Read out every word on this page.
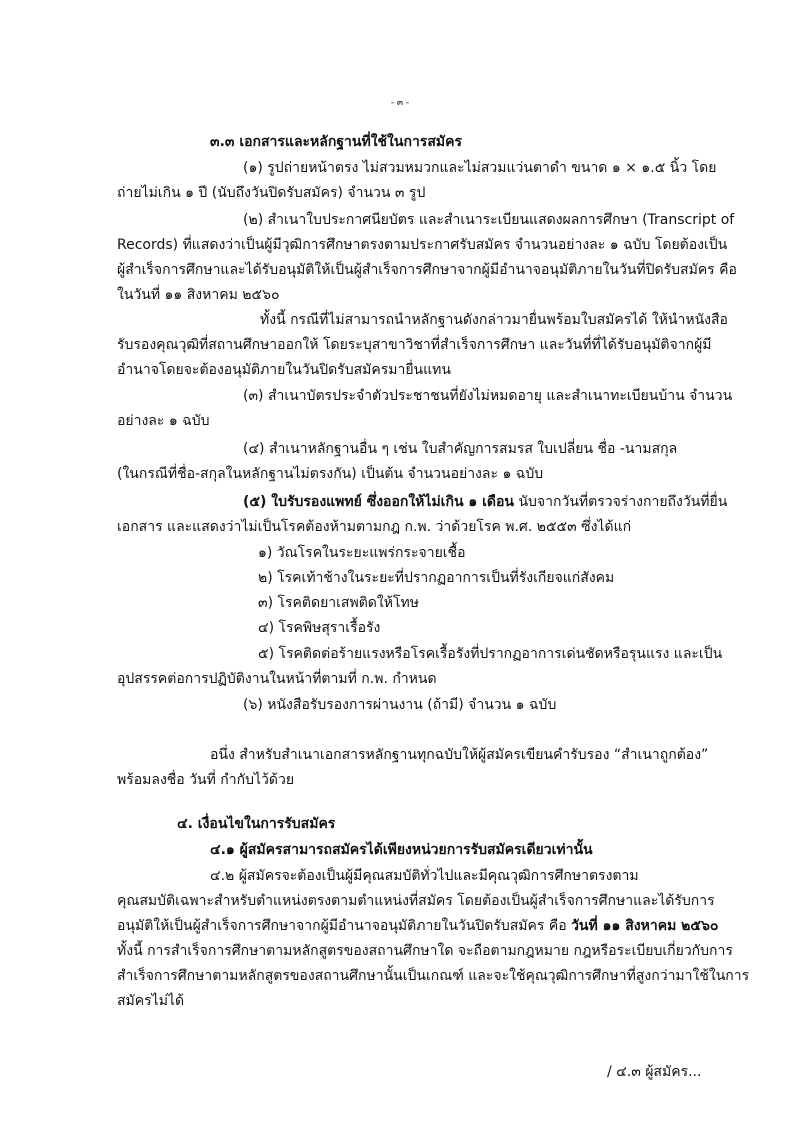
- ๓ -
๓.๓ เอกสารและหลักฐานที่ใช้ในการสมัคร
(๑) รูปถ่ายหน้าตรง ไม่สวมหมวกและไม่สวมแว่นตาดำ ขนาด ๑ × ๑.๕ นิ้ว โดย
ถ่ายไม่เกิน ๑ ปี (นับถึงวันปิดรับสมัคร) จำนวน ๓ รูป
(๒) สำเนาใบประกาศนียบัตร และสำเนาระเบียนแสดงผลการศึกษา (Transcript of
Records) ที่แสดงว่าเป็นผู้มีวุฒิการศึกษาตรงตามประกาศรับสมัคร จำนวนอย่างละ ๑ ฉบับ โดยต้องเป็น
ผู้สำเร็จการศึกษาและได้รับอนุมัติให้เป็นผู้สำเร็จการศึกษาจากผู้มีอำนาจอนุมัติภายในวันที่ปิดรับสมัคร คือ
ในวันที่ ๑๑ สิงหาคม ๒๕๖๐
ทั้งนี้ กรณีที่ไม่สามารถนำหลักฐานดังกล่าวมายื่นพร้อมใบสมัครได้ ให้นำหนังสือ
รับรองคุณวุฒิที่สถานศึกษาออกให้ โดยระบุสาขาวิชาที่สำเร็จการศึกษา และวันที่ที่ได้รับอนุมัติจากผู้มี
อำนาจโดยจะต้องอนุมัติภายในวันปิดรับสมัครมายื่นแทน
(๓) สำเนาบัตรประจำตัวประชาชนที่ยังไม่หมดอายุ และสำเนาทะเบียนบ้าน จำนวน
อย่างละ ๑ ฉบับ
(๔) สำเนาหลักฐานอื่น ๆ เช่น ใบสำคัญการสมรส ใบเปลี่ยน ชื่อ -นามสกุล
(ในกรณีที่ชื่อ-สกุลในหลักฐานไม่ตรงกัน) เป็นต้น จำนวนอย่างละ ๑ ฉบับ
(๕) ใบรับรองแพทย์ ซึ่งออกให้ไม่เกิน ๑ เดือน นับจากวันที่ตรวจร่างกายถึงวันที่ยื่น
เอกสาร และแสดงว่าไม่เป็นโรคต้องห้ามตามกฎ ก.พ. ว่าด้วยโรค พ.ศ. ๒๕๕๓ ซึ่งได้แก่
๑) วัณโรคในระยะแพร่กระจายเชื้อ
๒) โรคเท้าช้างในระยะที่ปรากฏอาการเป็นที่รังเกียจแก่สังคม
๓) โรคติดยาเสพติดให้โทษ
๔) โรคพิษสุราเรื้อรัง
๕) โรคติดต่อร้ายแรงหรือโรคเรื้อรังที่ปรากฏอาการเด่นชัดหรือรุนแรง และเป็น
อุปสรรคต่อการปฏิบัติงานในหน้าที่ตามที่ ก.พ. กำหนด
(๖) หนังสือรับรองการผ่านงาน (ถ้ามี) จำนวน ๑ ฉบับ
อนึ่ง สำหรับสำเนาเอกสารหลักฐานทุกฉบับให้ผู้สมัครเขียนคำรับรอง “สำเนาถูกต้อง”
พร้อมลงชื่อ วันที่ กำกับไว้ด้วย
๔. เงื่อนไขในการรับสมัคร
๔.๑ ผู้สมัครสามารถสมัครได้เพียงหน่วยการรับสมัครเดียวเท่านั้น
๔.๒ ผู้สมัครจะต้องเป็นผู้มีคุณสมบัติทั่วไปและมีคุณวุฒิการศึกษาตรงตาม
คุณสมบัติเฉพาะสำหรับตำแหน่งตรงตามตำแหน่งที่สมัคร โดยต้องเป็นผู้สำเร็จการศึกษาและได้รับการ
อนุมัติให้เป็นผู้สำเร็จการศึกษาจากผู้มีอำนาจอนุมัติภายในวันปิดรับสมัคร คือ วันที่ ๑๑ สิงหาคม ๒๕๖๐
ทั้งนี้ การสำเร็จการศึกษาตามหลักสูตรของสถานศึกษาใด จะถือตามกฎหมาย กฎหรือระเบียบเกี่ยวกับการ
สำเร็จการศึกษาตามหลักสูตรของสถานศึกษานั้นเป็นเกณฑ์ และจะใช้คุณวุฒิการศึกษาที่สูงกว่ามาใช้ในการ
สมัครไม่ได้
/ ๔.๓ ผู้สมัคร...
